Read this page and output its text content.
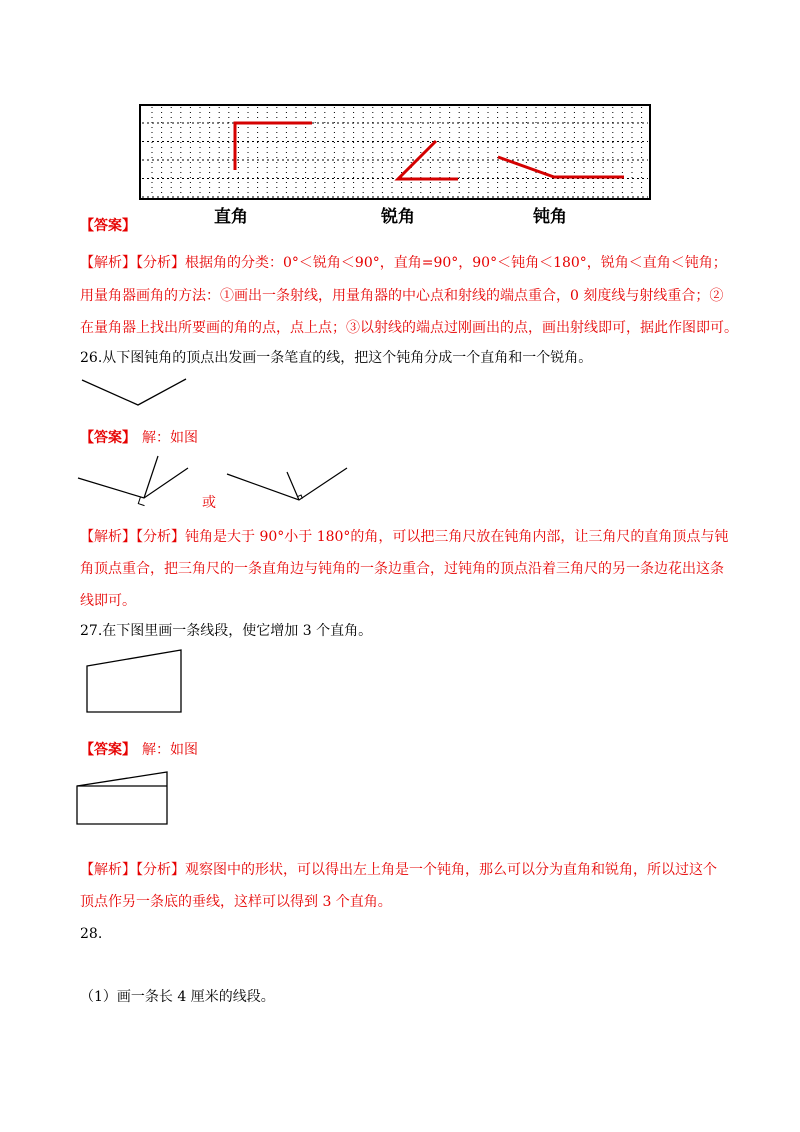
直角	锐角	钝角
【答案】
【解析】【分析】根据角的分类：0°＜锐角＜90°，直角=90°，90°＜钝角＜180°，锐角＜直角＜钝角；
用量角器画角的方法：①画出一条射线，用量角器的中心点和射线的端点重合，0 刻度线与射线重合；②
在量角器上找出所要画的角的点，点上点；③以射线的端点过刚画出的点，画出射线即可，据此作图即可。
26.从下图钝角的顶点出发画一条笔直的线，把这个钝角分成一个直角和一个锐角。
【答案】 解：如图
或
【解析】【分析】钝角是大于 90°小于 180°的角，可以把三角尺放在钝角内部，让三角尺的直角顶点与钝
角顶点重合，把三角尺的一条直角边与钝角的一条边重合，过钝角的顶点沿着三角尺的另一条边花出这条
线即可。
27.在下图里画一条线段，使它增加 3 个直角。
【答案】 解：如图
【解析】【分析】观察图中的形状，可以得出左上角是一个钝角，那么可以分为直角和锐角，所以过这个
顶点作另一条底的垂线，这样可以得到 3 个直角。
28.
（1）画一条长 4 厘米的线段。
